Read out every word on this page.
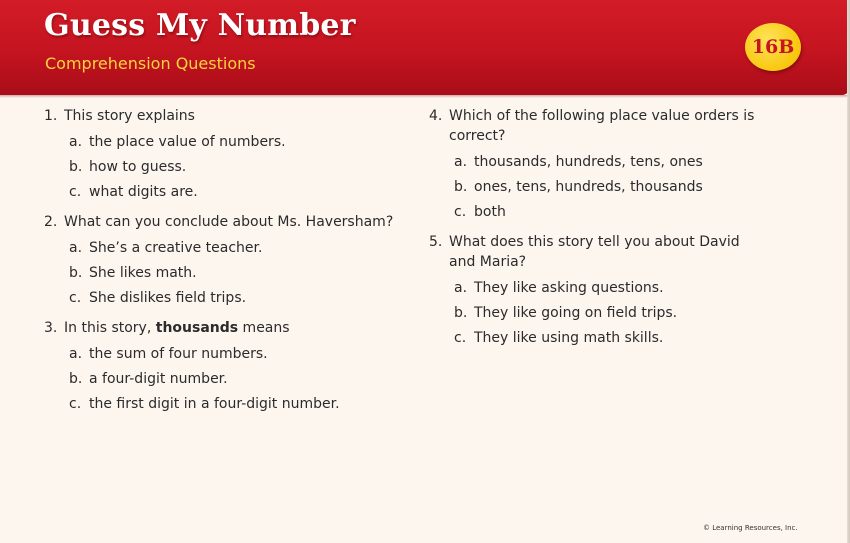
Guess My Number
Comprehension Questions
16B
1. This story explains
a. the place value of numbers.
b. how to guess.
c. what digits are.
2. What can you conclude about Ms. Haversham?
a. She’s a creative teacher.
b. She likes math.
c. She dislikes field trips.
3. In this story, thousands means
a. the sum of four numbers.
b. a four-digit number.
c. the first digit in a four-digit number.
4. Which of the following place value orders is correct?
a. thousands, hundreds, tens, ones
b. ones, tens, hundreds, thousands
c. both
5. What does this story tell you about David and Maria?
a. They like asking questions.
b. They like going on field trips.
c. They like using math skills.
© Learning Resources, Inc.
